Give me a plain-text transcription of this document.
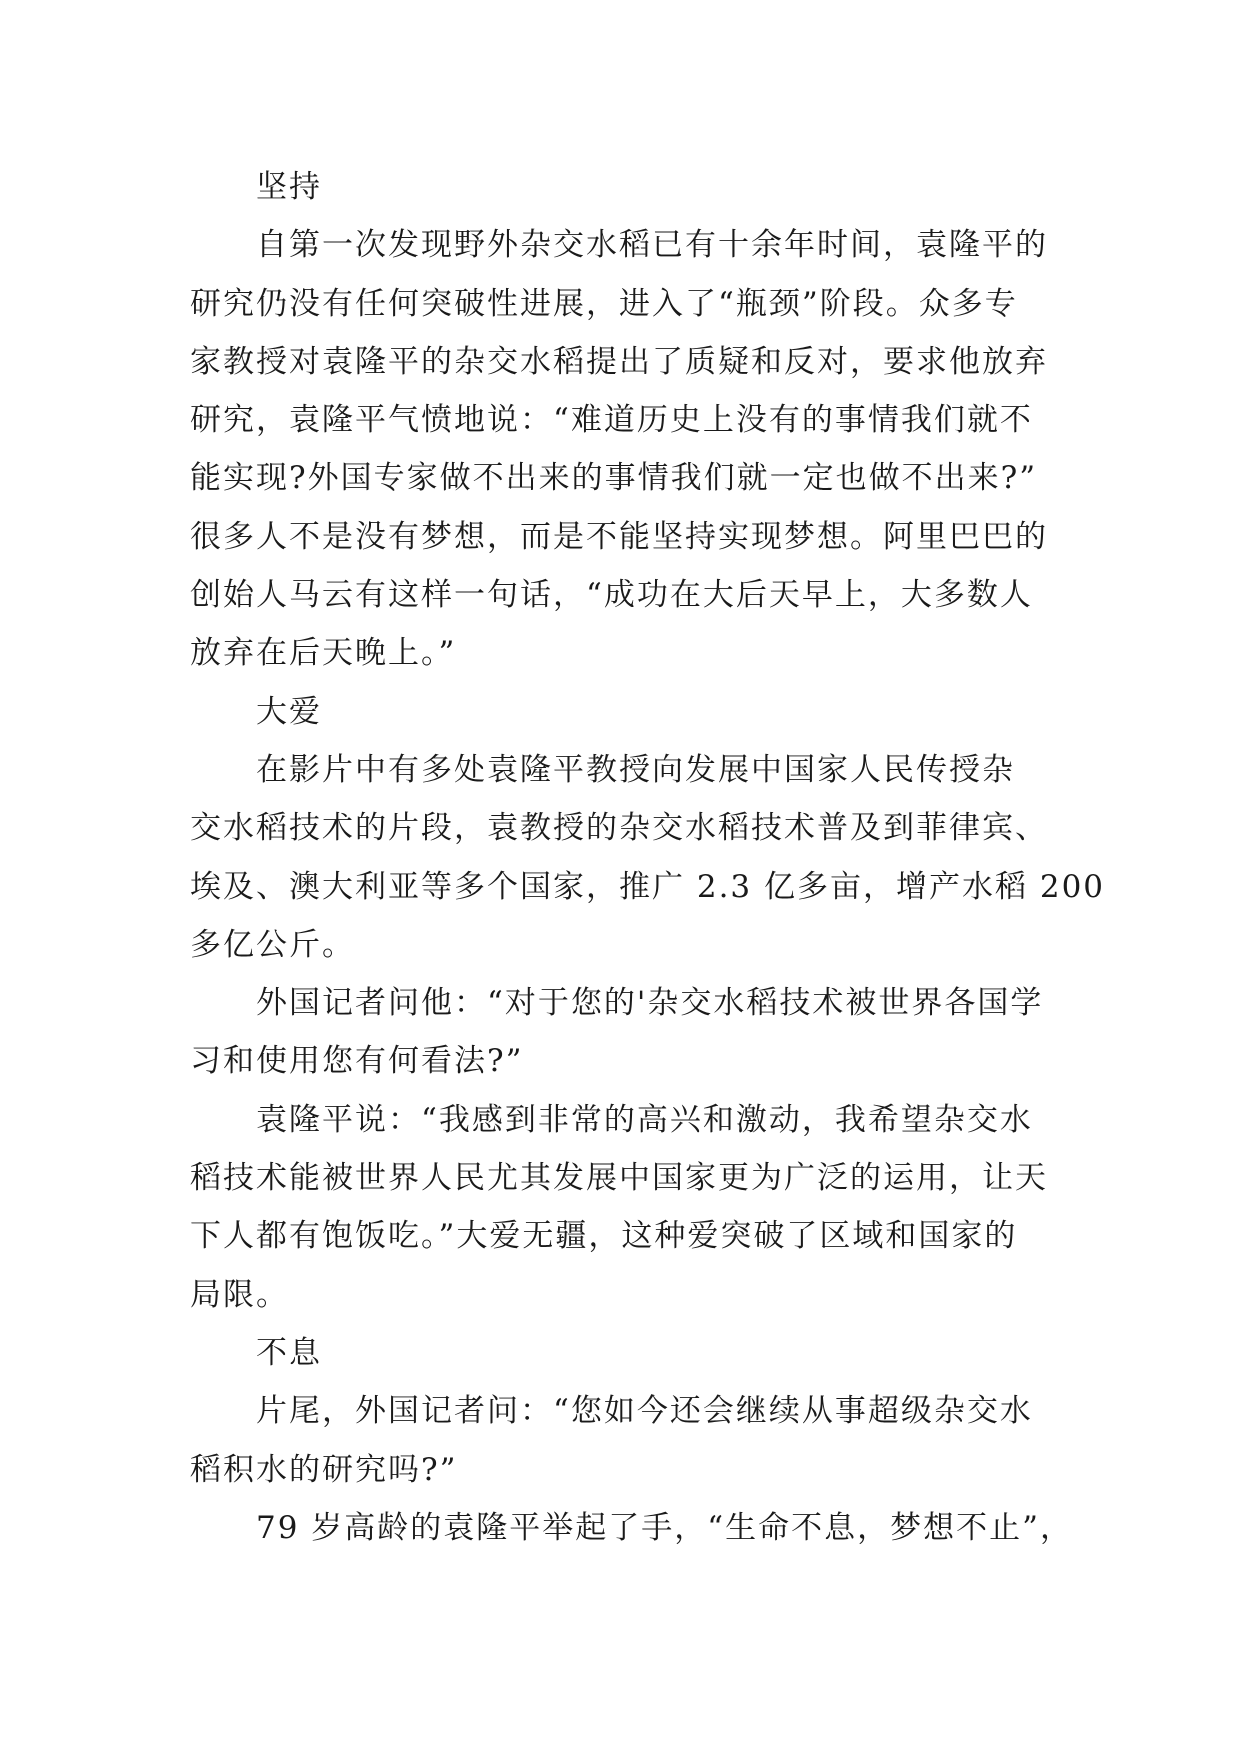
坚持
自第一次发现野外杂交水稻已有十余年时间，袁隆平的
研究仍没有任何突破性进展，进入了“瓶颈”阶段。众多专
家教授对袁隆平的杂交水稻提出了质疑和反对，要求他放弃
研究，袁隆平气愤地说：“难道历史上没有的事情我们就不
能实现?外国专家做不出来的事情我们就一定也做不出来?”
很多人不是没有梦想，而是不能坚持实现梦想。阿里巴巴的
创始人马云有这样一句话，“成功在大后天早上，大多数人
放弃在后天晚上。”
大爱
在影片中有多处袁隆平教授向发展中国家人民传授杂
交水稻技术的片段，袁教授的杂交水稻技术普及到菲律宾、
埃及、澳大利亚等多个国家，推广 2.3 亿多亩，增产水稻 200
多亿公斤。
外国记者问他：“对于您的'杂交水稻技术被世界各国学
习和使用您有何看法?”
袁隆平说：“我感到非常的高兴和激动，我希望杂交水
稻技术能被世界人民尤其发展中国家更为广泛的运用，让天
下人都有饱饭吃。”大爱无疆，这种爱突破了区域和国家的
局限。
不息
片尾，外国记者问：“您如今还会继续从事超级杂交水
稻积水的研究吗?”
79 岁高龄的袁隆平举起了手，“生命不息，梦想不止”，
